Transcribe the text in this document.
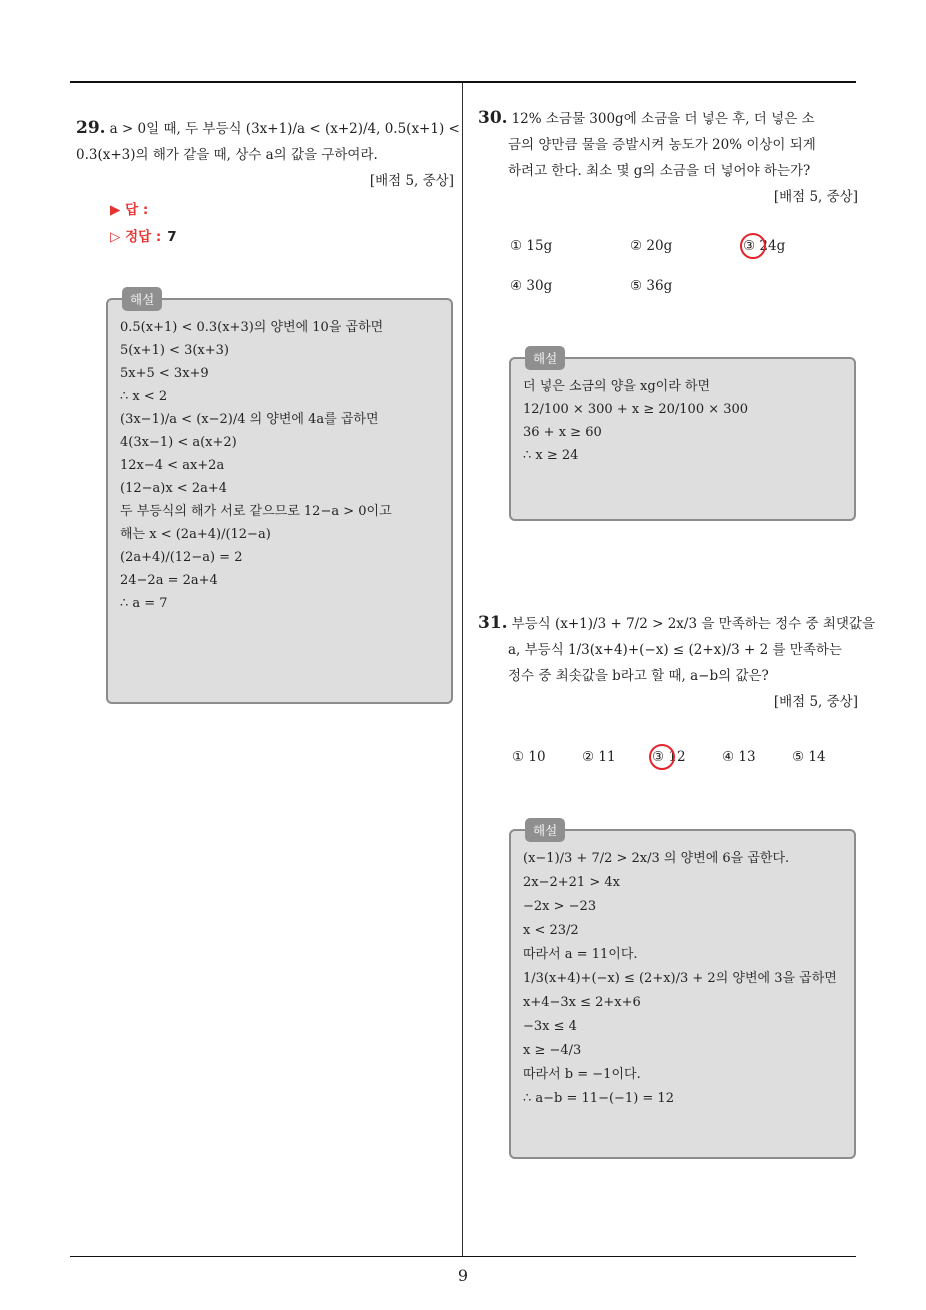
29. a > 0일 때, 두 부등식 (3x+1)/a < (x+2)/4, 0.5(x+1) <
0.3(x+3)의 해가 같을 때, 상수 a의 값을 구하여라.
[배점 5, 중상]
▶ 답 :
▷ 정답 : 7
해설
0.5(x+1) < 0.3(x+3)의 양변에 10을 곱하면
5(x+1) < 3(x+3)
5x+5 < 3x+9
∴ x < 2
(3x−1)/a < (x−2)/4 의 양변에 4a를 곱하면
4(3x−1) < a(x+2)
12x−4 < ax+2a
(12−a)x < 2a+4
두 부등식의 해가 서로 같으므로 12−a > 0이고
해는 x < (2a+4)/(12−a)
(2a+4)/(12−a) = 2
24−2a = 2a+4
∴ a = 7
30. 12% 소금물 300g에 소금을 더 넣은 후, 더 넣은 소
금의 양만큼 물을 증발시켜 농도가 20% 이상이 되게
하려고 한다. 최소 몇 g의 소금을 더 넣어야 하는가?
[배점 5, 중상]
① 15g	② 20g	③ 24g
④ 30g	⑤ 36g
해설
더 넣은 소금의 양을 xg이라 하면
12/100 × 300 + x ≥ 20/100 × 300
36 + x ≥ 60
∴ x ≥ 24
31. 부등식 (x+1)/3 + 7/2 > 2x/3 을 만족하는 정수 중 최댓값을
a, 부등식 1/3(x+4)+(−x) ≤ (2+x)/3 + 2 를 만족하는
정수 중 최솟값을 b라고 할 때, a−b의 값은?
[배점 5, 중상]
① 10	② 11	③ 12	④ 13	⑤ 14
해설
(x−1)/3 + 7/2 > 2x/3 의 양변에 6을 곱한다.
2x−2+21 > 4x
−2x > −23
x < 23/2
따라서 a = 11이다.
1/3(x+4)+(−x) ≤ (2+x)/3 + 2의 양변에 3을 곱하면
x+4−3x ≤ 2+x+6
−3x ≤ 4
x ≥ −4/3
따라서 b = −1이다.
∴ a−b = 11−(−1) = 12
9
